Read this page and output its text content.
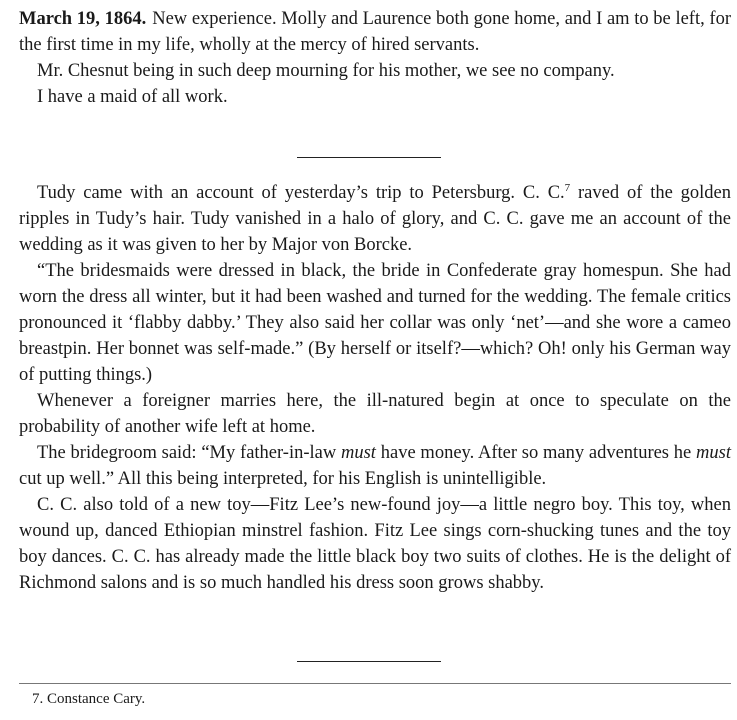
March 19, 1864. New experience. Molly and Laurence both gone home, and I am to be left, for the first time in my life, wholly at the mercy of hired servants.

Mr. Chesnut being in such deep mourning for his mother, we see no company.

I have a maid of all work.

Tudy came with an account of yesterday’s trip to Petersburg. C. C.$^7$ raved of the golden ripples in Tudy’s hair. Tudy vanished in a halo of glory, and C. C. gave me an account of the wedding as it was given to her by Major von Borcke.

“The bridesmaids were dressed in black, the bride in Confederate gray homespun. She had worn the dress all winter, but it had been washed and turned for the wedding. The female critics pronounced it ‘flabby dabby.’ They also said her collar was only ‘net’—and she wore a cameo breastpin. Her bonnet was self-made.” (By herself or itself?—which? Oh! only his German way of putting things.)

Whenever a foreigner marries here, the ill-natured begin at once to speculate on the probability of another wife left at home.

The bridegroom said: “My father-in-law must have money. After so many adventures he must cut up well.” All this being interpreted, for his English is unintelligible.

C. C. also told of a new toy—Fitz Lee’s new-found joy—a little negro boy. This toy, when wound up, danced Ethiopian minstrel fashion. Fitz Lee sings corn-shucking tunes and the toy boy dances. C. C. has already made the little black boy two suits of clothes. He is the delight of Richmond salons and is so much handled his dress soon grows shabby.

7. Constance Cary.
